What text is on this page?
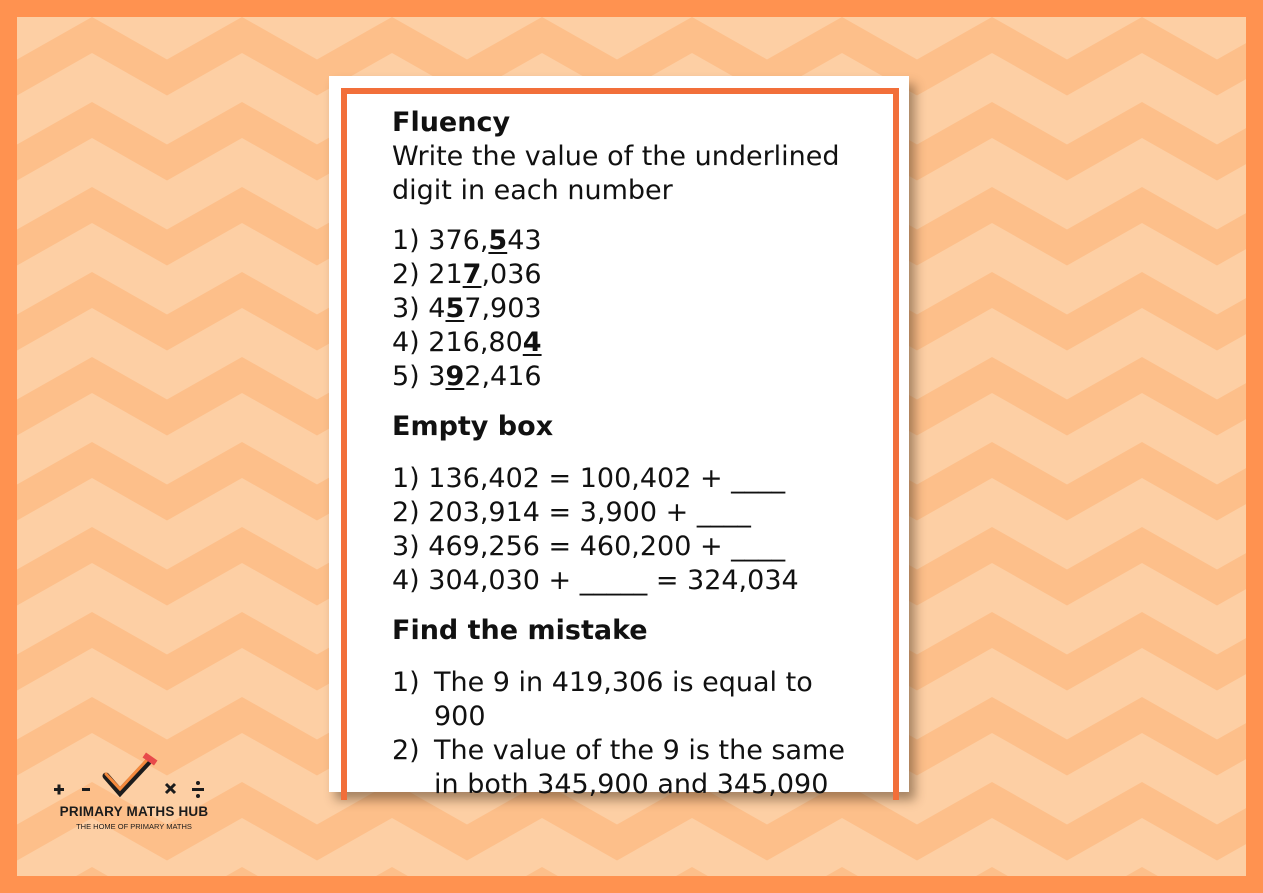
Fluency
Write the value of the underlined
digit in each number
1) 376,543
2) 217,036
3) 457,903
4) 216,804
5) 392,416
Empty box
1) 136,402 = 100,402 + ____
2) 203,914 = 3,900 + ____
3) 469,256 = 460,200 + ____
4) 304,030 + _____ = 324,034
Find the mistake
1) The 9 in 419,306 is equal to 900
2) The value of the 9 is the same in both 345,900 and 345,090
PRIMARY MATHS HUB
THE HOME OF PRIMARY MATHS
